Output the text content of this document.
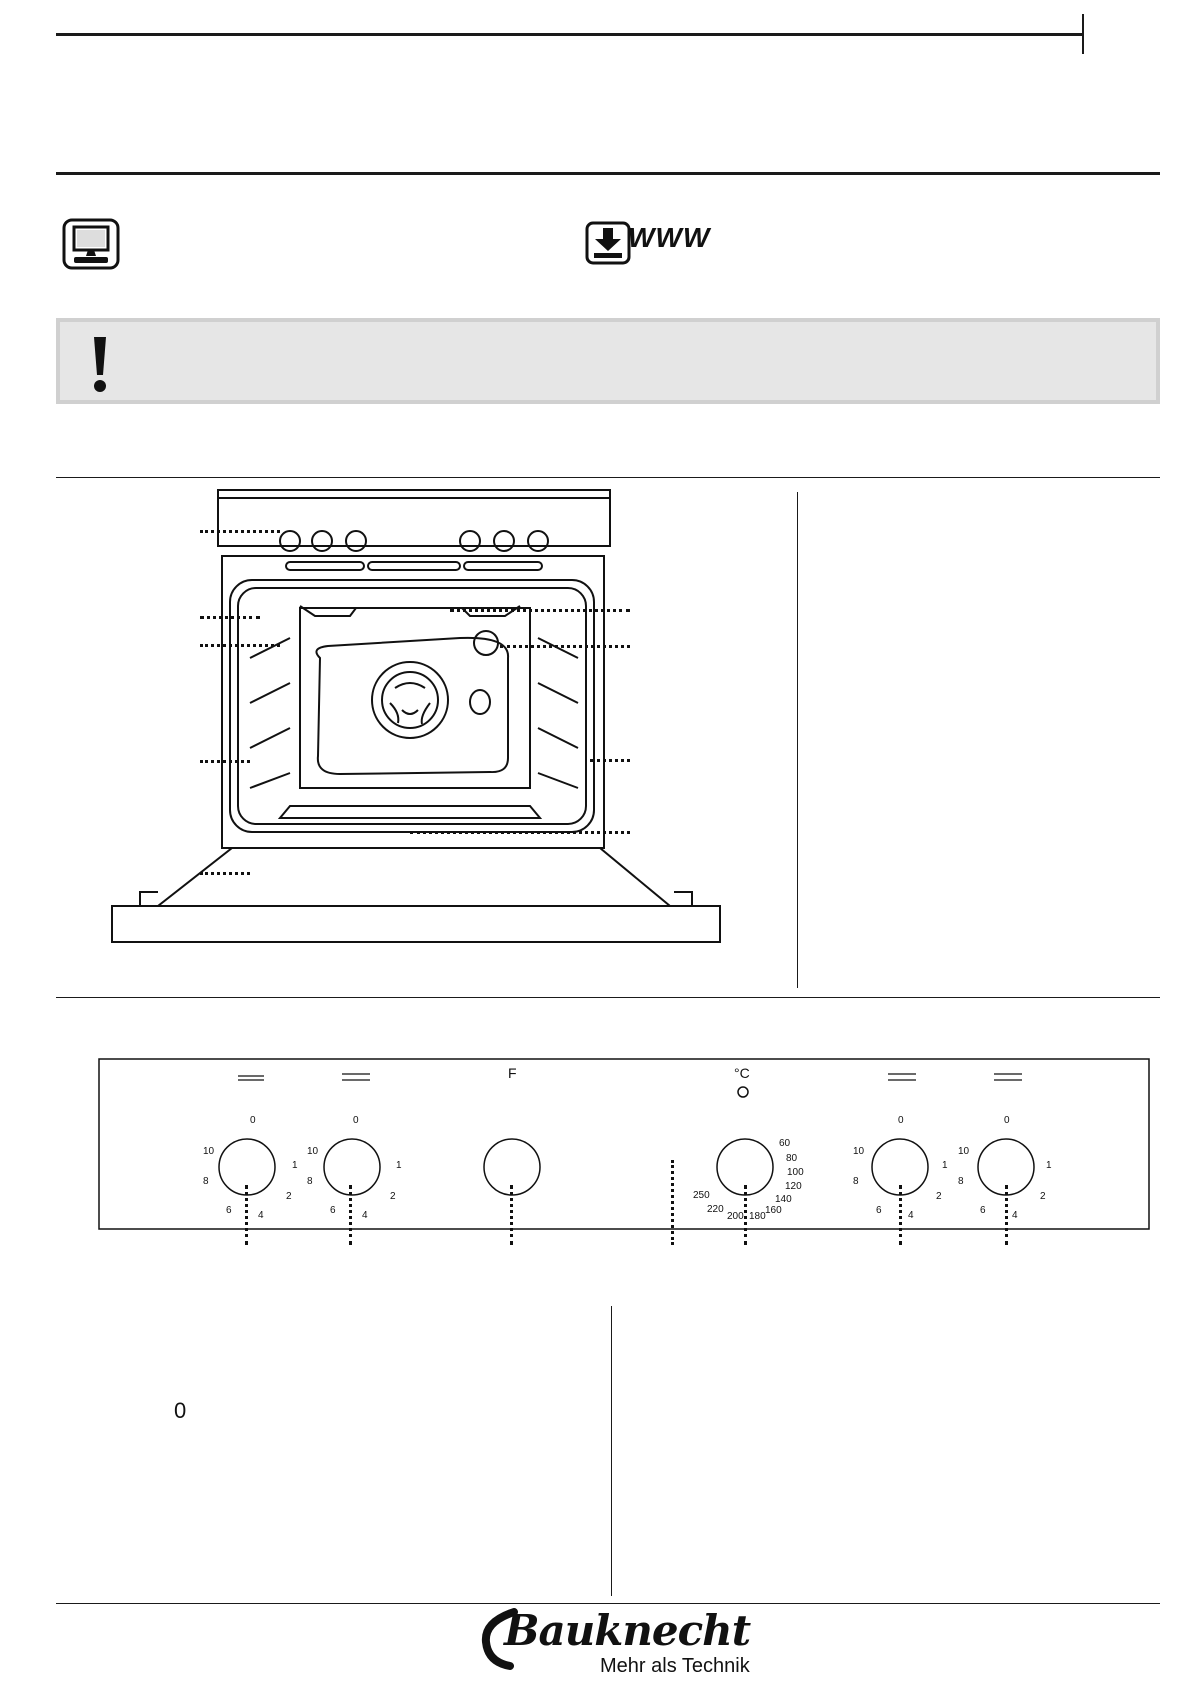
WWW
F	°C
0
10
8
6	4
2
1
0
10
8
6	4
2
1
60
80
100
120
140
160
180
200
220
250
0
10
8
6	4
2
1
0
10
8
6	4
2
1
0
Bauknecht
Mehr als Technik
